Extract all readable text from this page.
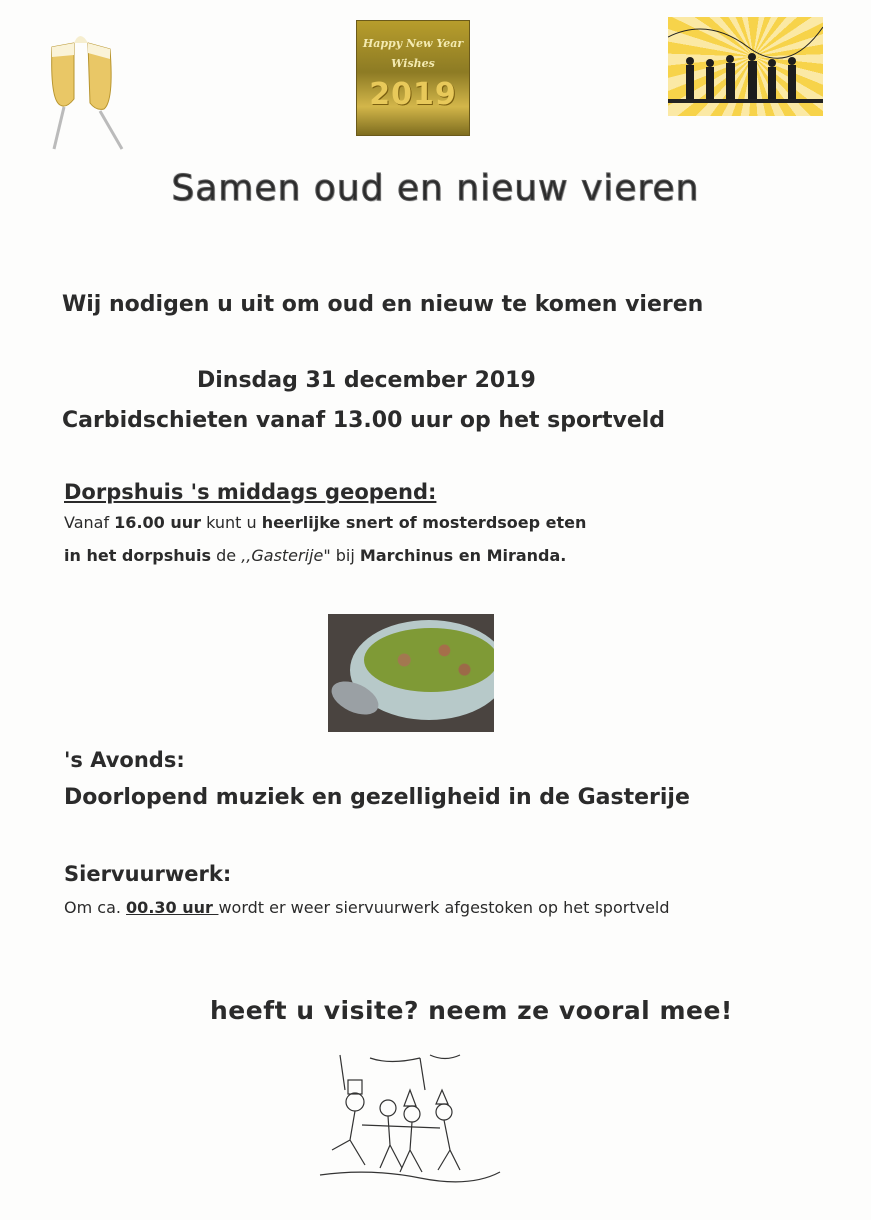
Happy New Year
Wishes
2019
Samen oud en nieuw vieren
Wij nodigen u uit om oud en nieuw te komen vieren
Dinsdag 31 december 2019
Carbidschieten vanaf 13.00 uur op het sportveld
Dorpshuis 's middags geopend:
Vanaf 16.00 uur kunt u heerlijke snert of mosterdsoep eten
in het dorpshuis de ,,Gasterije" bij Marchinus en Miranda.
's Avonds:
Doorlopend muziek en gezelligheid in de Gasterije
Siervuurwerk:
Om ca. 00.30 uur wordt er weer siervuurwerk afgestoken op het sportveld
heeft u visite? neem ze vooral mee!
